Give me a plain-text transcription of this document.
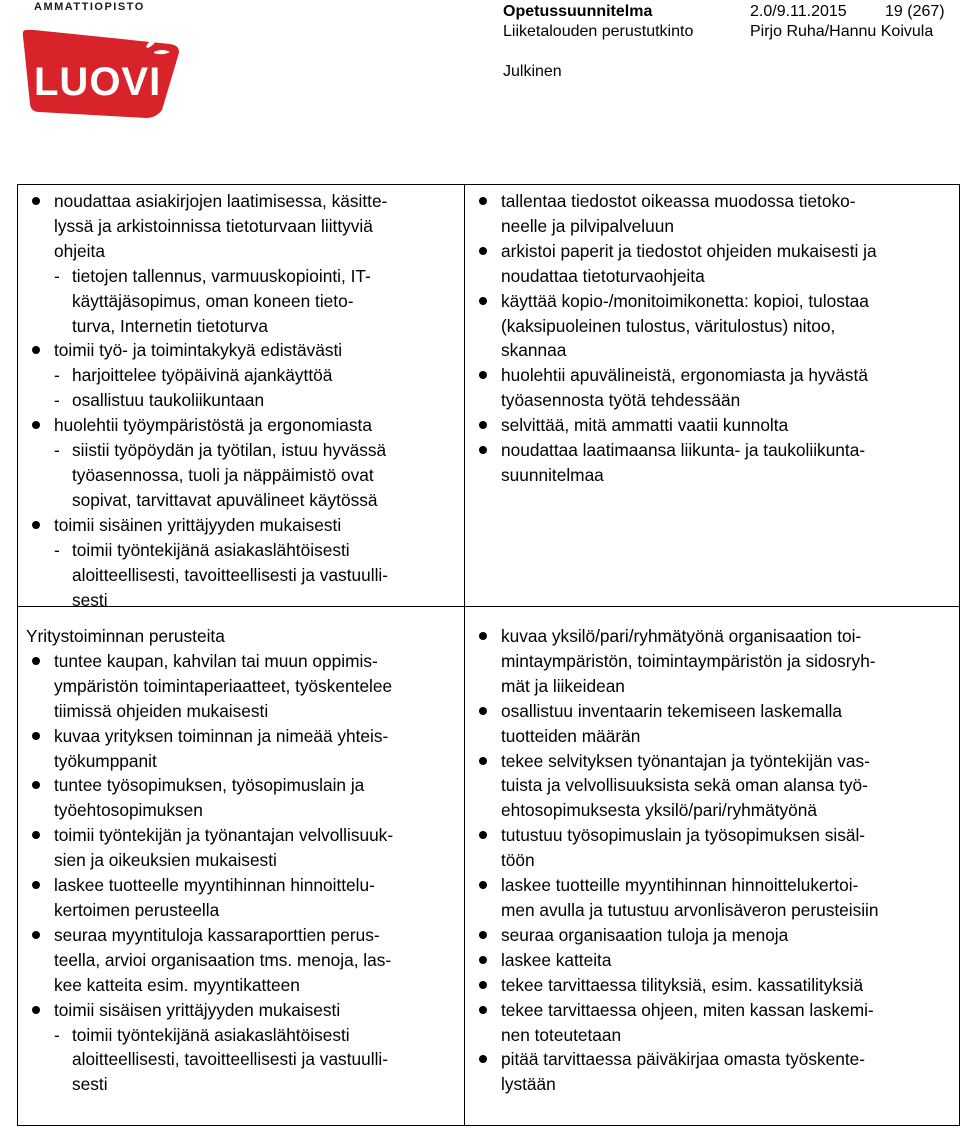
AMMATTIOPISTO
LUOVI
Opetussuunnitelma	2.0/9.11.2015 19 (267)
Liiketalouden perustutkinto	Pirjo Ruha/Hannu Koivula
Julkinen
noudattaa asiakirjojen laatimisessa, käsitte-
lyssä ja arkistoinnissa tietoturvaan liittyviä
ohjeita
- tietojen tallennus, varmuuskopiointi, IT-
käyttäjäsopimus, oman koneen tieto-
turva, Internetin tietoturva
toimii työ- ja toimintakykyä edistävästi
- harjoittelee työpäivinä ajankäyttöä
- osallistuu taukoliikuntaan
huolehtii työympäristöstä ja ergonomiasta
- siistii työpöydän ja työtilan, istuu hyvässä
työasennossa, tuoli ja näppäimistö ovat
sopivat, tarvittavat apuvälineet käytössä
toimii sisäinen yrittäjyyden mukaisesti
- toimii työntekijänä asiakaslähtöisesti
aloitteellisesti, tavoitteellisesti ja vastuulli-
sesti
tallentaa tiedostot oikeassa muodossa tietoko-
neelle ja pilvipalveluun
arkistoi paperit ja tiedostot ohjeiden mukaisesti ja
noudattaa tietoturvaohjeita
käyttää kopio-/monitoimikonetta: kopioi, tulostaa
(kaksipuoleinen tulostus, väritulostus) nitoo,
skannaa
huolehtii apuvälineistä, ergonomiasta ja hyvästä
työasennosta työtä tehdessään
selvittää, mitä ammatti vaatii kunnolta
noudattaa laatimaansa liikunta- ja taukoliikunta-
suunnitelmaa
Yritystoiminnan perusteita
tuntee kaupan, kahvilan tai muun oppimis-
ympäristön toimintaperiaatteet, työskentelee
tiimissä ohjeiden mukaisesti
kuvaa yrityksen toiminnan ja nimeää yhteis-
työkumppanit
tuntee työsopimuksen, työsopimuslain ja
työehtosopimuksen
toimii työntekijän ja työnantajan velvollisuuk-
sien ja oikeuksien mukaisesti
laskee tuotteelle myyntihinnan hinnoittelu-
kertoimen perusteella
seuraa myyntituloja kassaraporttien perus-
teella, arvioi organisaation tms. menoja, las-
kee katteita esim. myyntikatteen
toimii sisäisen yrittäjyyden mukaisesti
- toimii työntekijänä asiakaslähtöisesti
aloitteellisesti, tavoitteellisesti ja vastuulli-
sesti
kuvaa yksilö/pari/ryhmätyönä organisaation toi-
mintaympäristön, toimintaympäristön ja sidosryh-
mät ja liikeidean
osallistuu inventaarin tekemiseen laskemalla
tuotteiden määrän
tekee selvityksen työnantajan ja työntekijän vas-
tuista ja velvollisuuksista sekä oman alansa työ-
ehtosopimuksesta yksilö/pari/ryhmätyönä
tutustuu työsopimuslain ja työsopimuksen sisäl-
töön
laskee tuotteille myyntihinnan hinnoittelukertoi-
men avulla ja tutustuu arvonlisäveron perusteisiin
seuraa organisaation tuloja ja menoja
laskee katteita
tekee tarvittaessa tilityksiä, esim. kassatilityksiä
tekee tarvittaessa ohjeen, miten kassan laskemi-
nen toteutetaan
pitää tarvittaessa päiväkirjaa omasta työskente-
lystään
